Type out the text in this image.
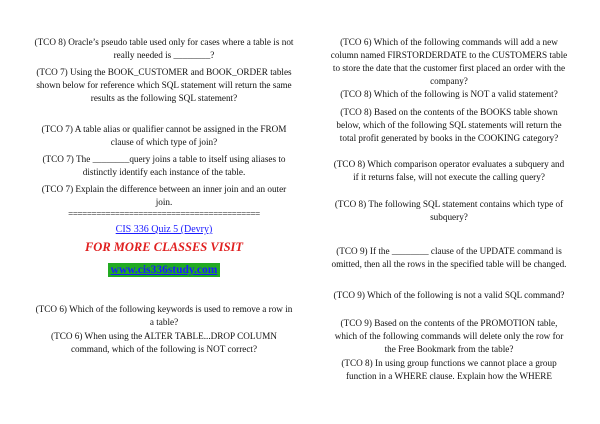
(TCO 8) Oracle’s pseudo table used only for cases where a table is not really needed is ________?
(TCO 7) Using the BOOK_CUSTOMER and BOOK_ORDER tables shown below for reference which SQL statement will return the same results as the following SQL statement?
(TCO 7) A table alias or qualifier cannot be assigned in the FROM clause of which type of join?
(TCO 7) The ________query joins a table to itself using aliases to distinctly identify each instance of the table.
(TCO 7) Explain the difference between an inner join and an outer join.
=========================================
CIS 336 Quiz 5 (Devry)
FOR MORE CLASSES VISIT
www.cis336study.com
(TCO 6) Which of the following keywords is used to remove a row in a table?
(TCO 6) When using the ALTER TABLE...DROP COLUMN command, which of the following is NOT correct?
(TCO 6) Which of the following commands will add a new column named FIRSTORDERDATE to the CUSTOMERS table to store the date that the customer first placed an order with the company?
(TCO 8) Which of the following is NOT a valid statement?
(TCO 8) Based on the contents of the BOOKS table shown below, which of the following SQL statements will return the total profit generated by books in the COOKING category?
(TCO 8) Which comparison operator evaluates a subquery and if it returns false, will not execute the calling query?
(TCO 8) The following SQL statement contains which type of subquery?
(TCO 9) If the ________ clause of the UPDATE command is omitted, then all the rows in the specified table will be changed.
(TCO 9) Which of the following is not a valid SQL command?
(TCO 9) Based on the contents of the PROMOTION table, which of the following commands will delete only the row for the Free Bookmark from the table?
(TCO 8) In using group functions we cannot place a group function in a WHERE clause. Explain how the WHERE
